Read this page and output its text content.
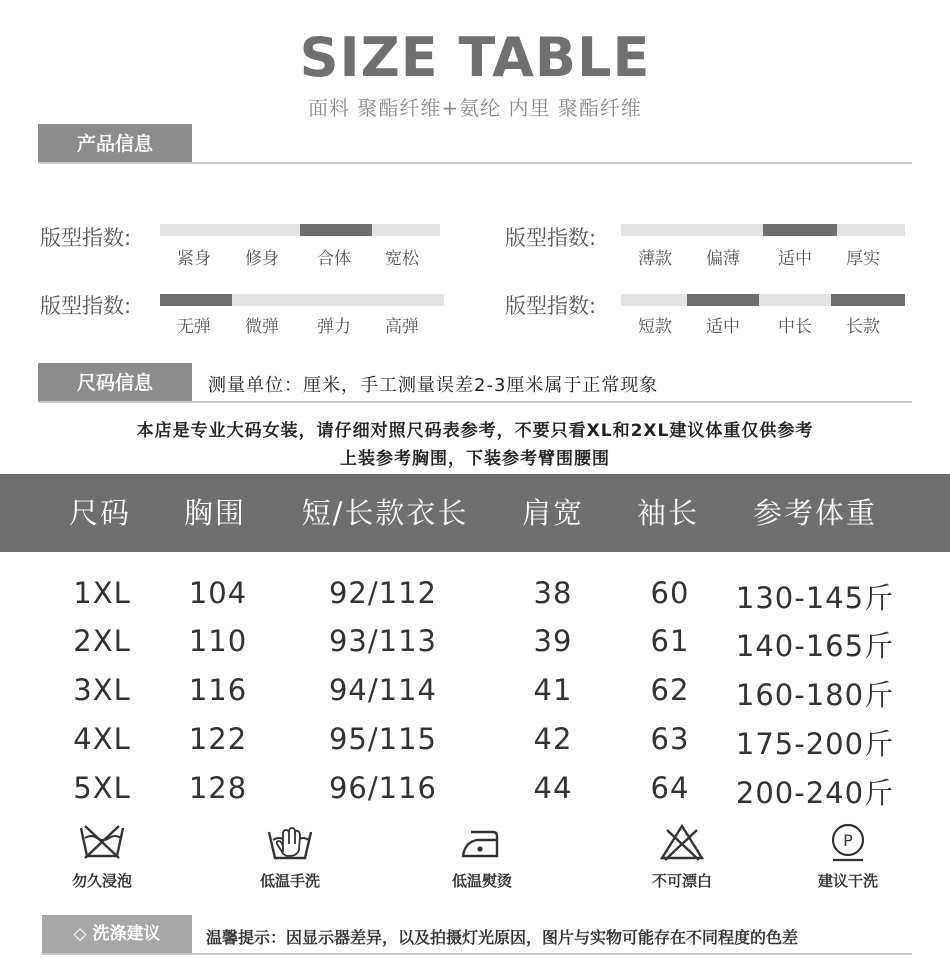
SIZE TABLE
面料 聚酯纤维+氨纶 内里 聚酯纤维
产品信息
版型指数:
紧身	修身	合体	宽松
版型指数:
薄款	偏薄	适中	厚实
版型指数:
无弹	微弹	弹力	高弹
版型指数:
短款	适中	中长	长款
尺码信息	测量单位：厘米，手工测量误差2-3厘米属于正常现象
本店是专业大码女装，请仔细对照尺码表参考，不要只看XL和2XL建议体重仅供参考
上装参考胸围，下装参考臂围腰围
尺码	胸围	短/长款衣长	肩宽	袖长	参考体重
1XL	104	92/112	38	60	130-145斤
2XL	110	93/113	39	61	140-165斤
3XL	116	94/114	41	62	160-180斤
4XL	122	95/115	42	63	175-200斤
5XL	128	96/116	44	64	200-240斤
勿久浸泡	低温手洗	低温熨烫	不可漂白
P
建议干洗
◇ 洗涤建议	温馨提示：因显示器差异，以及拍摄灯光原因，图片与实物可能存在不同程度的色差
